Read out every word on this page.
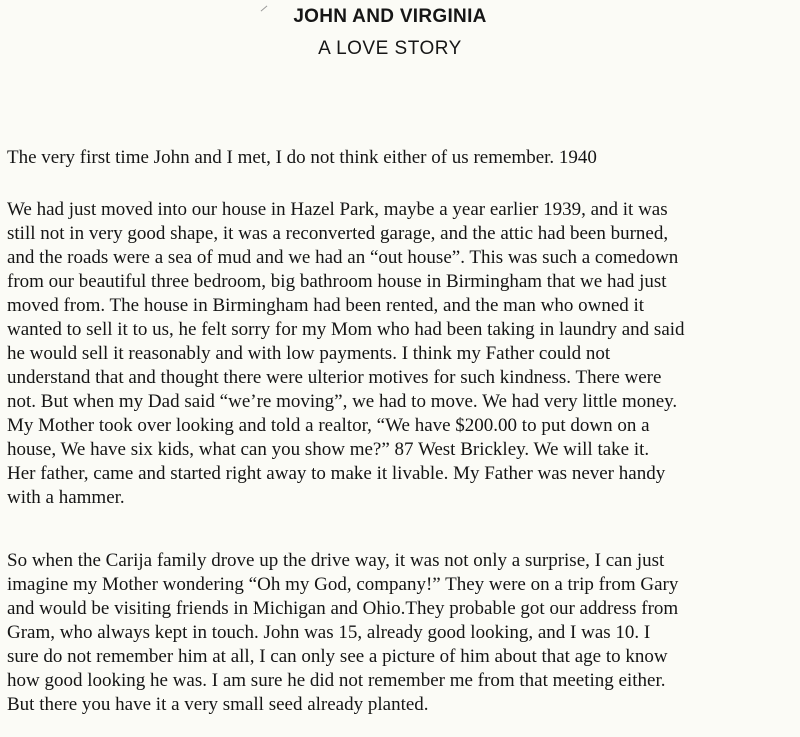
JOHN AND VIRGINIA
A LOVE STORY
The very first time John and I met, I do not think either of us remember. 1940
We had just moved into our house in Hazel Park, maybe a year earlier 1939, and it was
still not in very good shape, it was a reconverted garage, and the attic had been burned,
and the roads were a sea of mud and we had an “out house”. This was such a comedown
from our beautiful three bedroom, big bathroom house in Birmingham that we had just
moved from. The house in Birmingham had been rented, and the man who owned it
wanted to sell it to us, he felt sorry for my Mom who had been taking in laundry and said
he would sell it reasonably and with low payments. I think my Father could not
understand that and thought there were ulterior motives for such kindness. There were
not. But when my Dad said “we’re moving”, we had to move. We had very little money.
My Mother took over looking and told a realtor, “We have $200.00 to put down on a
house, We have six kids, what can you show me?” 87 West Brickley. We will take it.
Her father, came and started right away to make it livable. My Father was never handy
with a hammer.
So when the Carija family drove up the drive way, it was not only a surprise, I can just
imagine my Mother wondering “Oh my God, company!” They were on a trip from Gary
and would be visiting friends in Michigan and Ohio.They probable got our address from
Gram, who always kept in touch. John was 15, already good looking, and I was 10. I
sure do not remember him at all, I can only see a picture of him about that age to know
how good looking he was. I am sure he did not remember me from that meeting either.
But there you have it a very small seed already planted.
